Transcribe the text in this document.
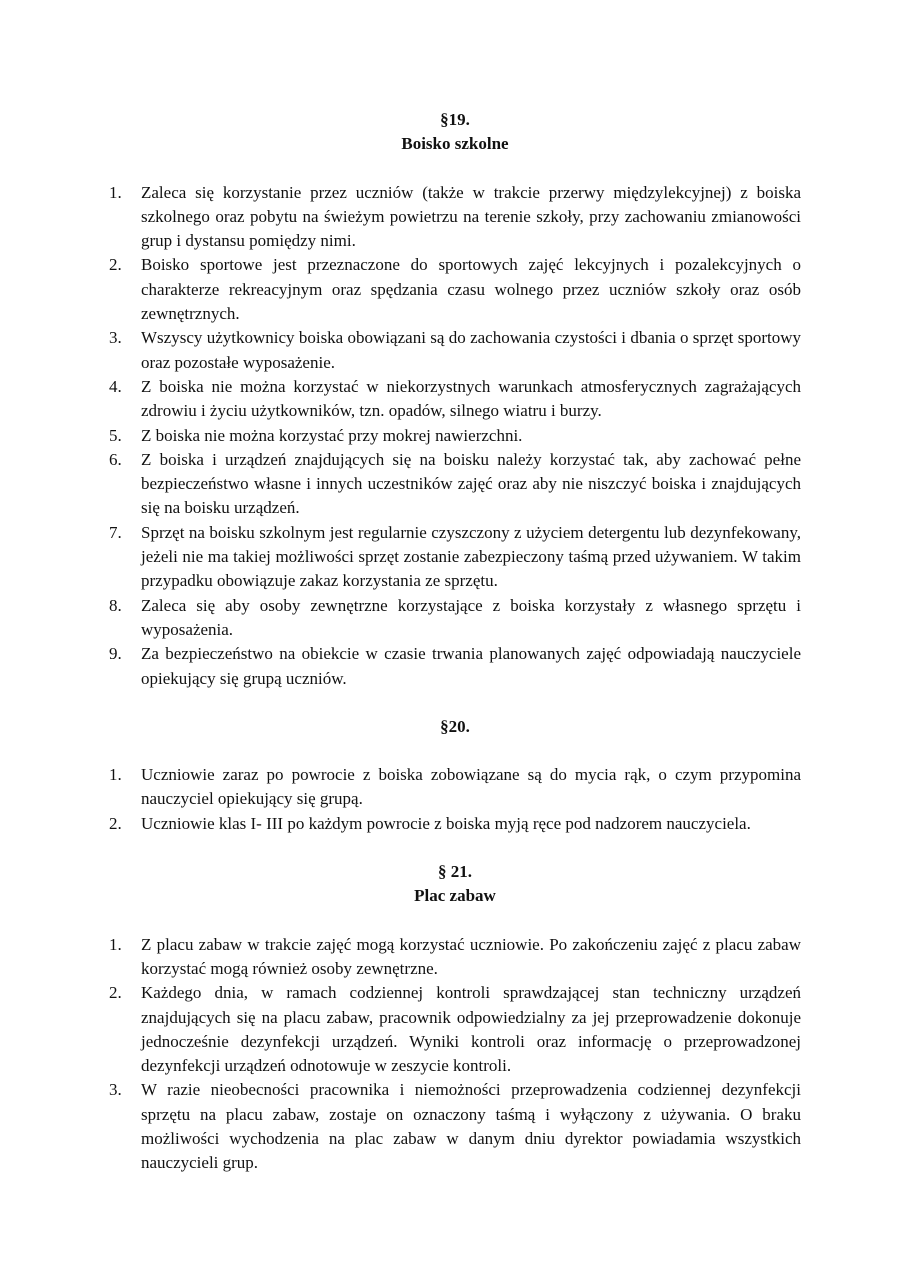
§19.

Boisko szkolne

1.	Zaleca się korzystanie przez uczniów (także w trakcie przerwy międzylekcyjnej) z boiska szkolnego oraz pobytu na świeżym powietrzu na terenie szkoły, przy zachowaniu zmianowości grup i dystansu pomiędzy nimi.
2.	Boisko sportowe jest przeznaczone do sportowych zajęć lekcyjnych i pozalekcyjnych o charakterze rekreacyjnym oraz spędzania czasu wolnego przez uczniów szkoły oraz osób zewnętrznych.
3.	Wszyscy użytkownicy boiska obowiązani są do zachowania czystości i dbania o sprzęt sportowy oraz pozostałe wyposażenie.
4.	Z boiska nie można korzystać w niekorzystnych warunkach atmosferycznych zagrażających zdrowiu i życiu użytkowników, tzn. opadów, silnego wiatru i burzy.
5.	Z boiska nie można korzystać przy mokrej nawierzchni.
6.	Z boiska i urządzeń znajdujących się na boisku należy korzystać tak, aby zachować pełne bezpieczeństwo własne i innych uczestników zajęć oraz aby nie niszczyć boiska i znajdujących się na boisku urządzeń.
7.	Sprzęt na boisku szkolnym jest regularnie czyszczony z użyciem detergentu lub dezynfekowany, jeżeli nie ma takiej możliwości sprzęt zostanie zabezpieczony taśmą przed używaniem. W takim przypadku obowiązuje zakaz korzystania ze sprzętu.
8.	Zaleca się aby osoby zewnętrzne korzystające z boiska korzystały z własnego sprzętu i wyposażenia.
9.	Za bezpieczeństwo na obiekcie w czasie trwania planowanych zajęć odpowiadają nauczyciele opiekujący się grupą uczniów.

§20.

1.	Uczniowie zaraz po powrocie z boiska zobowiązane są do mycia rąk, o czym przypomina nauczyciel opiekujący się grupą.
2.	Uczniowie klas I- III po każdym powrocie z boiska myją ręce pod nadzorem nauczyciela.

§ 21.

Plac zabaw

1.	Z placu zabaw w trakcie zajęć mogą korzystać uczniowie. Po zakończeniu zajęć z placu zabaw korzystać mogą również osoby zewnętrzne.
2.	Każdego dnia, w ramach codziennej kontroli sprawdzającej stan techniczny urządzeń znajdujących się na placu zabaw, pracownik odpowiedzialny za jej przeprowadzenie dokonuje jednocześnie dezynfekcji urządzeń. Wyniki kontroli oraz informację o przeprowadzonej dezynfekcji urządzeń odnotowuje w zeszycie kontroli.
3.	W razie nieobecności pracownika i niemożności przeprowadzenia codziennej dezynfekcji sprzętu na placu zabaw, zostaje on oznaczony taśmą i wyłączony z używania. O braku możliwości wychodzenia na plac zabaw w danym dniu dyrektor powiadamia wszystkich nauczycieli grup.
